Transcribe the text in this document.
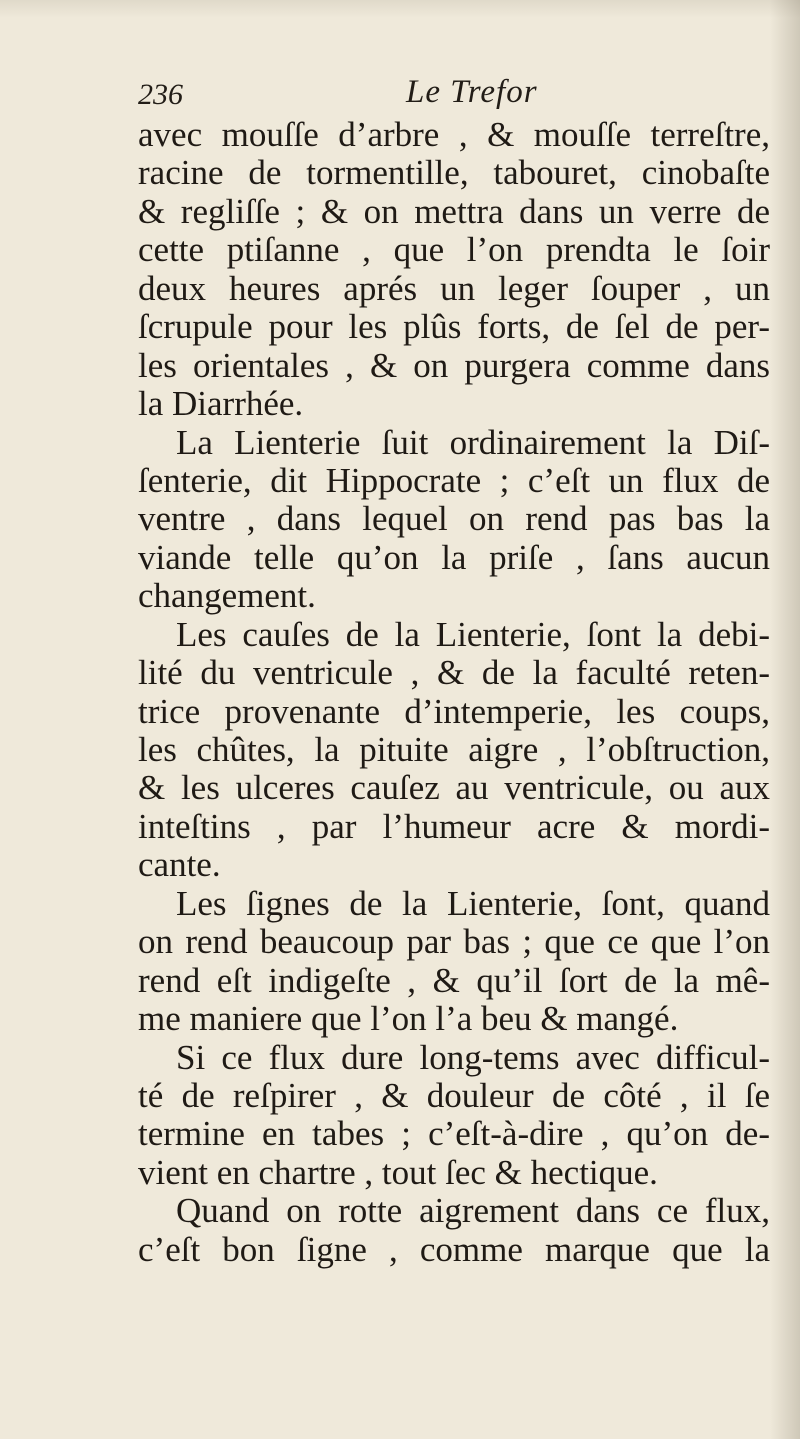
236	Le Trefor
avec mouſſe d’arbre , & mouſſe terreſtre,
racine de tormentille, tabouret, cinobaſte
& regliſſe ; & on mettra dans un verre de
cette ptiſanne , que l’on prendta le ſoir
deux heures aprés un leger ſouper , un
ſcrupule pour les plûs forts, de ſel de per-
les orientales , & on purgera comme dans
la Diarrhée.
La Lienterie ſuit ordinairement la Diſ-
ſenterie, dit Hippocrate ; c’eſt un flux de
ventre , dans lequel on rend pas bas la
viande telle qu’on la priſe , ſans aucun
changement.
Les cauſes de la Lienterie, ſont la debi-
lité du ventricule , & de la faculté reten-
trice provenante d’intemperie, les coups,
les chûtes, la pituite aigre , l’obſtruction,
& les ulceres cauſez au ventricule, ou aux
inteſtins , par l’humeur acre & mordi-
cante.
Les ſignes de la Lienterie, ſont, quand
on rend beaucoup par bas ; que ce que l’on
rend eſt indigeſte , & qu’il ſort de la mê-
me maniere que l’on l’a beu & mangé.
Si ce flux dure long-tems avec difficul-
té de reſpirer , & douleur de côté , il ſe
termine en tabes ; c’eſt-à-dire , qu’on de-
vient en chartre , tout ſec & hectique.
Quand on rotte aigrement dans ce flux,
c’eſt bon ſigne , comme marque que la
